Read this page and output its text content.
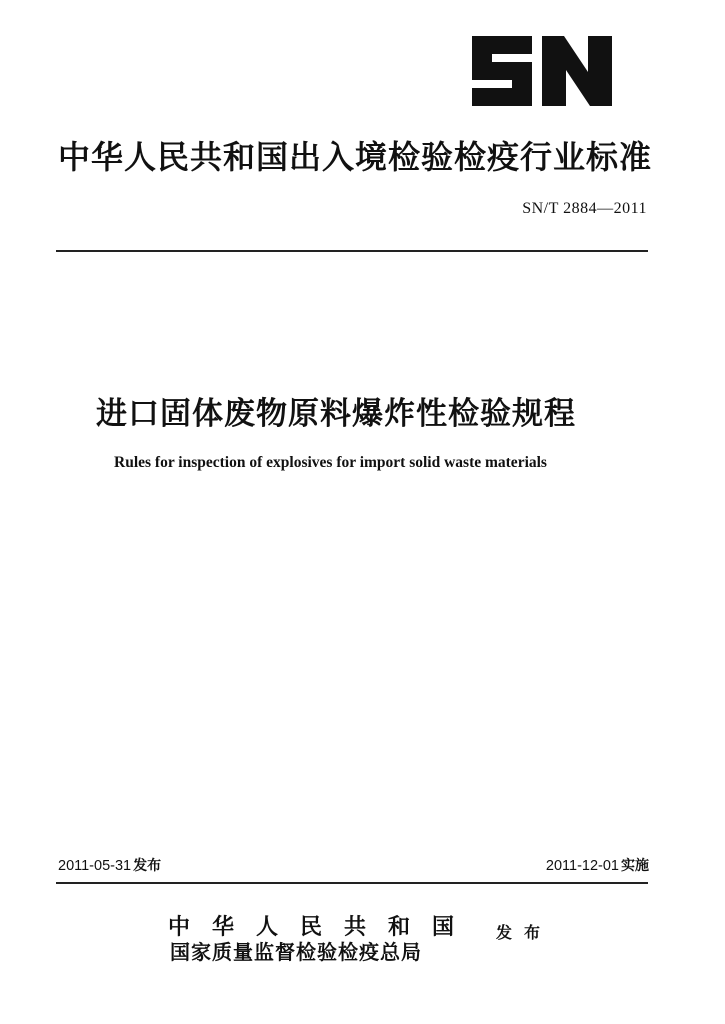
中华人民共和国出入境检验检疫行业标准
SN/T 2884—2011
进口固体废物原料爆炸性检验规程
Rules for inspection of explosives for import solid waste materials
2011-05-31 发布	2011-12-01 实施
中华人民共和国
国家质量监督检验检疫总局
发布
